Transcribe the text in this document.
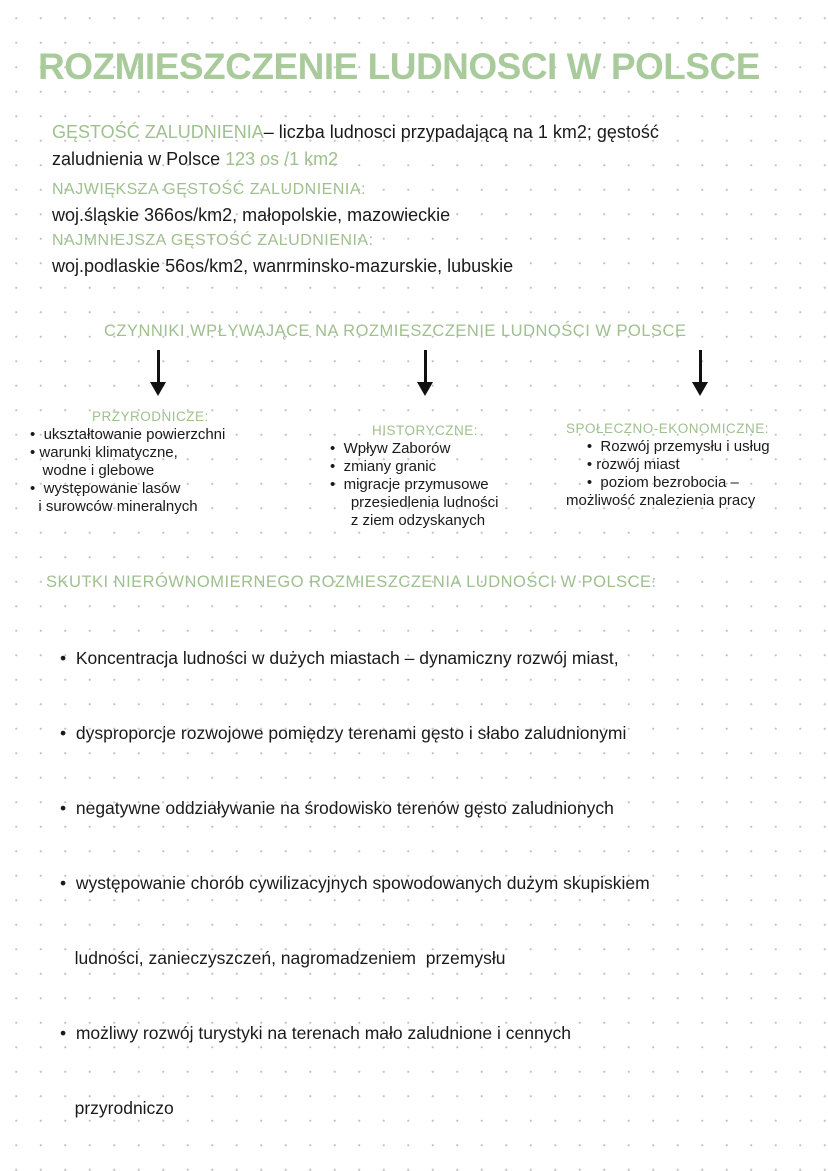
ROZMIESZCZENIE LUDNOSCI W POLSCE
GĘSTOŚĆ ZALUDNIENIA– liczba ludnosci przypadającą na 1 km2; gęstość
zaludnienia w Polsce 123 os /1 km2
NAJWIĘKSZA GĘSTOŚĆ ZALUDNIENIA:
woj.śląskie 366os/km2, małopolskie, mazowieckie
NAJMNIEJSZA GĘSTOŚĆ ZALUDNIENIA:
woj.podlaskie 56os/km2, wanrminsko-mazurskie, lubuskie
CZYNNIKI WPŁYWAJĄCE NA ROZMIESZCZENIE LUDNOŚCI W POLSCE
PRZYRODNICZE:
•  ukształtowanie powierzchni
• warunki klimatyczne,
wodne i glebowe
•  występowanie lasów
i surowców mineralnych
HISTORYCZNE:
•  Wpływ Zaborów
•  zmiany granic
•  migracje przymusowe
przesiedlenia ludności
z ziem odzyskanych
SPOŁECZNO-EKONOMICZNE:
•  Rozwój przemysłu i usług
• rozwój miast
•  poziom bezrobocia –
możliwość znalezienia pracy
SKUTKI NIERÓWNOMIERNEGO ROZMIESZCZENIA LUDNOŚCI W POLSCE:

•  Koncentracja ludności w dużych miastach – dynamiczny rozwój miast,

•  dysproporcje rozwojowe pomiędzy terenami gęsto i słabo zaludnionymi

•  negatywne oddziaływanie na środowisko terenów gęsto zaludnionych

•  występowanie chorób cywilizacyjnych spowodowanych dużym skupiskiem

ludności, zanieczyszczeń, nagromadzeniem  przemysłu

•  możliwy rozwój turystyki na terenach mało zaludnione i cennych

przyrodniczo
